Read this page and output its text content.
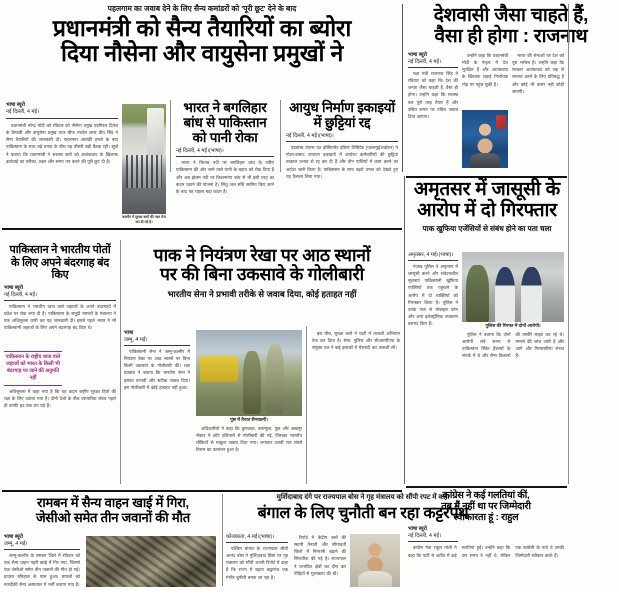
पहलगाम का जवाब देने के लिए सैन्य कमांडरों को 'पूरी छूट' देने के बाद
प्रधानमंत्री को सैन्य तैयारियों का ब्योरा
दिया नौसेना और वायुसेना प्रमुखों ने
देशवासी जैसा चाहते हैं,
वैसा ही होगा : राजनाथ
भाषा ब्यूरो
नई दिल्ली, 4 मई।

प्रधानमंत्री नरेन्द्र मोदी को रविवार को नौसेना प्रमुख एडमिरल दिनेश के त्रिपाठी और वायुसेना प्रमुख एयर चीफ मार्शल अमर प्रीत सिंह ने सैन्य तैयारियों की जानकारी दी। पहलगाम आतंकी हमले के बाद पाकिस्तान के साथ बढ़े तनाव के बीच यह तीसरी बड़ी बैठक रही। सूत्रों ने बताया कि प्रधानमंत्री ने सशस्त्र बलों को आतंकवाद के खिलाफ कार्रवाई का तरीका, लक्ष्य और समय तय करने की पूरी छूट दी है।

कश्मीर में सुरक्षा बलों की गश्त तेज कर दी गई है।
भारत ने बगलिहार बांध से पाकिस्तान को पानी रोका
नई दिल्ली, 4 मई।(भाषा)।

भारत ने चिनाब नदी पर बगलिहार बांध के जरिए पाकिस्तान की ओर जाने वाले पानी के बहाव को रोक दिया है और अब झेलम नदी पर किशनगंगा बांध से भी इसी तरह का कदम उठाने की योजना है। सिंधु जल संधि स्थगित किए जाने के बाद यह पहला बड़ा कदम है।

आयुध निर्माण इकाइयों में छुट्टियां रद्द
नई दिल्ली, 4 मई।(भाषा)।

एडवांस्ड वेपन्स एंड इक्विपमेंट इंडिया लिमिटेड (एडब्ल्यूईआईएल) ने गोला-बारूद उत्पादन इकाइयों में कार्यरत कर्मचारियों की छुट्टियां तत्काल प्रभाव से रद्द कर दी हैं और तीन पालियों में काम करने का आदेश जारी किया है। पाकिस्तान के साथ बढ़ते तनाव को देखते हुए यह फैसला लिया गया।

भाषा ब्यूरो
नई दिल्ली, 4 मई।

रक्षा मंत्री राजनाथ सिंह ने रविवार को कहा कि देश की जनता जैसा चाहती है, वैसा ही होगा। उन्होंने कहा कि सशस्त्र बल पूरी तरह तैयार हैं और उचित समय पर उचित जवाब दिया जाएगा।

उन्होंने कहा कि प्रधानमंत्री मोदी के नेतृत्व में देश सुरक्षित है और आतंकवाद के खिलाफ लड़ाई निर्णायक मोड़ पर पहुंच चुकी है।

भारत की सेनाओं पर देश को पूरा भरोसा है। उन्होंने कहा कि सरकार आतंकवाद को जड़ से समाप्त करने के लिए प्रतिबद्ध है और कोई भी कसर नहीं छोड़ी जाएगी।

अमृतसर में जासूसी के
आरोप में दो गिरफ्तार
पाक खुफिया एजेंसियों से संबंध होने का पता चला
अमृतसर, 4 मई।(भाषा)।

पंजाब पुलिस ने अमृतसर में जासूसी करने और संवेदनशील सूचनाएं पाकिस्तानी खुफिया एजेंसियों तक पहुंचाने के आरोप में दो व्यक्तियों को गिरफ्तार किया है। पुलिस ने उनके पास से मोबाइल फोन और अन्य इलेक्ट्रॉनिक उपकरण बरामद किए हैं।	पुलिस की गिरफ्त में दोनों आरोपी।

पुलिस ने बताया कि दोनों आरोपी लंबे समय से पाकिस्तान स्थित हैंडलरों के संपर्क में थे और सैन्य ठिकानों की तस्वीरें साझा कर रहे थे। मामले की जांच जारी है और आगे और गिरफ्तारियां संभव हैं।

पाकिस्तान ने भारतीय पोतों के लिए अपने बंदरगाह बंद किए
भाषा ब्यूरो
नई दिल्ली, 4 मई।

पाकिस्तान ने भारतीय ध्वज वाले जहाजों के अपने बंदरगाहों में प्रवेश पर रोक लगा दी है। पाकिस्तान के समुद्री मामलों के मंत्रालय ने एक अधिसूचना जारी कर यह जानकारी दी। इससे पहले भारत ने भी पाकिस्तानी जहाजों के लिए अपने बंदरगाह बंद किए थे।

पाकिस्तान के राष्ट्रीय ध्वज वाले जहाजों को भारत के किसी भी बंदरगाह पर जाने की अनुमति नहीं

अधिसूचना में कहा गया है कि यह कदम राष्ट्रीय सुरक्षा हितों की रक्षा के लिए उठाया गया है। दोनों देशों के बीच व्यापारिक संबंध पहले ही काफी हद तक ठप पड़े हैं।

पाक ने नियंत्रण रेखा पर आठ स्थानों
पर की बिना उकसावे के गोलीबारी
भारतीय सेना ने प्रभावी तरीके से जवाब दिया, कोई हताहत नहीं
भाषा
जम्मू, 4 मई।

पाकिस्तानी सेना ने जम्मू-कश्मीर में नियंत्रण रेखा पर आठ स्थानों पर बिना किसी उकसावे के गोलीबारी की। रक्षा प्रवक्ता ने बताया कि भारतीय सेना ने इसका प्रभावी और सटीक जवाब दिया। इस गोलीबारी में कोई हताहत नहीं हुआ।

पुंछ में तैनात सैन्यकर्मी।

अधिकारियों ने कहा कि कुपवाड़ा, बारामूला, पुंछ और अखनूर सेक्टर में छोटे हथियारों से गोलीबारी की गई, जिसका भारतीय चौकियों से माकूल जवाब दिया गया। लगातार दसवीं रात संघर्ष विराम का उल्लंघन हुआ है।

इस बीच, सुरक्षा बलों ने घाटी में तलाशी अभियान तेज कर दिया है। सेना, पुलिस और सीआरपीएफ के संयुक्त दल ने कई इलाकों में घेराबंदी कर तलाशी ली।

रामबन में सैन्य वाहन खाई में गिरा,
जेसीओ समेत तीन जवानों की मौत
भाषा ब्यूरो
जम्मू, 4 मई।

जम्मू-कश्मीर के रामबन जिले में रविवार को एक सैन्य वाहन गहरी खाई में गिर गया, जिससे एक जेसीओ समेत तीन जवानों की मौत हो गई। हादसा बनिहाल के पास हुआ। घायलों को नजदीकी सैन्य अस्पताल में भर्ती कराया गया है।

मुर्शिदाबाद दंगे पर राज्यपाल बोस ने गृह मंत्रालय को सौंपी रपट में कहा
बंगाल के लिए चुनौती बन रहा कट्टरपंथ
कोलकाता, 4 मई।(भाषा)।

पश्चिम बंगाल के राज्यपाल सीवी आनंद बोस ने मुर्शिदाबाद हिंसा पर गृह मंत्रालय को सौंपी अपनी रिपोर्ट में कहा है कि राज्य में बढ़ता कट्टरपंथ एक गंभीर चुनौती बनता जा रहा है।

रिपोर्ट में केंद्रीय बलों की स्थायी तैनाती और सीमावर्ती जिलों में निगरानी बढ़ाने की सिफारिश की गई है। राज्यपाल ने प्रभावित क्षेत्रों का दौरा कर पीड़ितों से मुलाकात की थी।

कांग्रेस ने कई गलतियां कीं,
तब मैं नहीं था पर जिम्मेदारी
स्वीकारता हूं : राहुल
भाषा ब्यूरो
नई दिल्ली, 4 मई।

कांग्रेस नेता राहुल गांधी ने कहा कि पार्टी से अतीत में कई गलतियां हुईं। उन्होंने कहा कि उस समय वे नहीं थे, लेकिन एक कांग्रेसी के नाते वे उनकी जिम्मेदारी स्वीकार करते हैं।
